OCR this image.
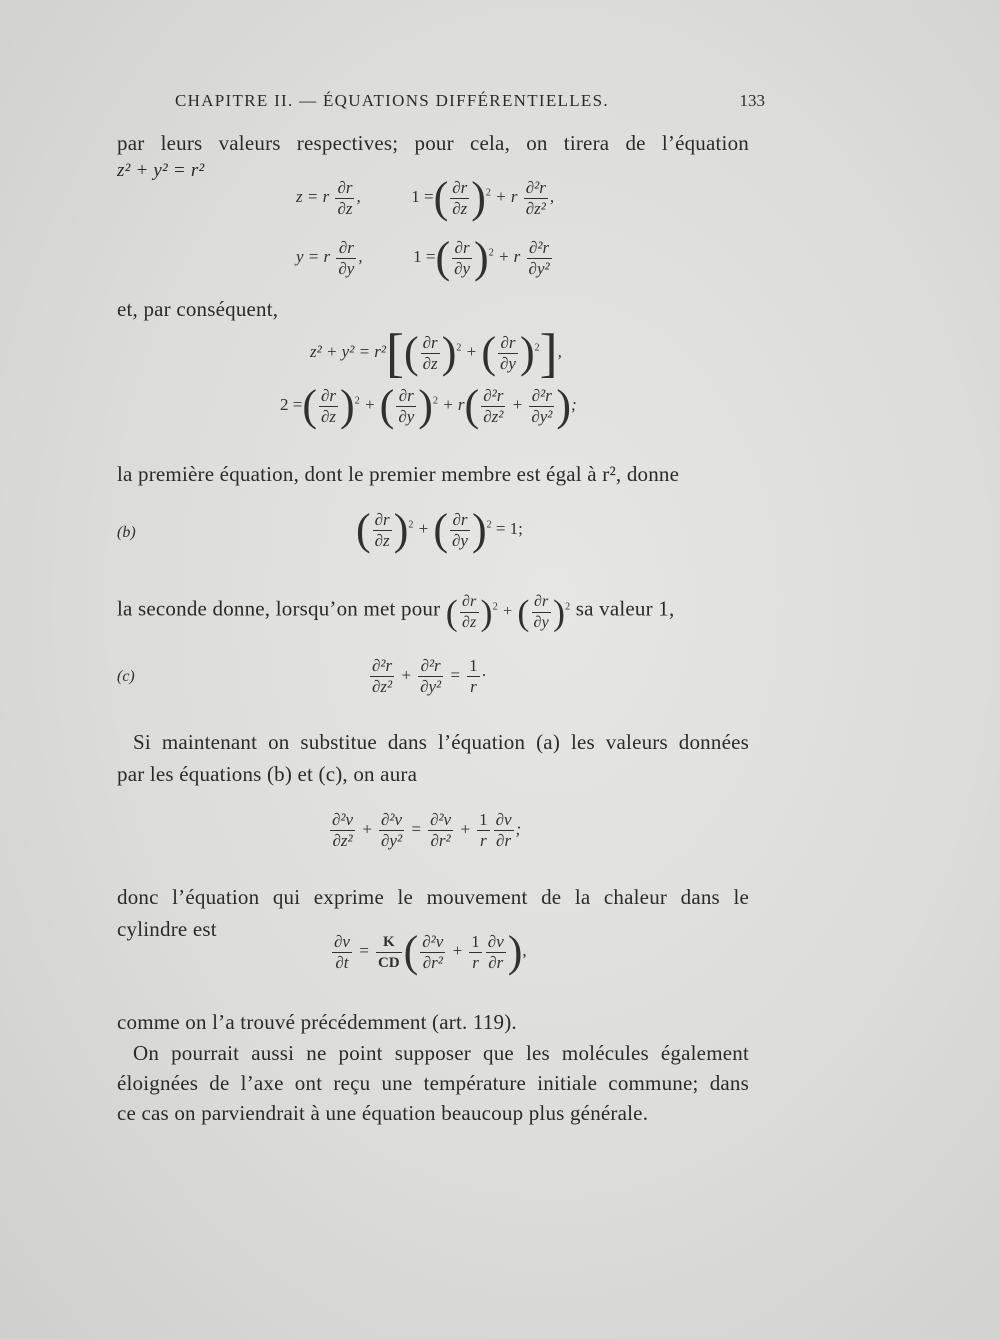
CHAPITRE II. — ÉQUATIONS DIFFÉRENTIELLES.	133
par leurs valeurs respectives; pour cela, on tirera de l’équation
z² + y² = r²
z = r $\frac{\partial r}{\partial z}$ ,	1 =( $\frac{\partial r}{\partial z} )^2 + r \frac{\text{∂²r}}{\text{∂z²}}$ ,
y = r $\frac{\partial r}{\partial y}$ ,	1 =( $\frac{\partial r}{\partial y} )^2 + r \frac{\text{∂²r}}{\text{∂y²}}$
et, par conséquent,
$z^2 + y^2 = r^2[( \frac{\partial r}{\partial z} )^2$ + ( $\frac{\partial r}{\partial y} )^2$],
2 =( $\frac{\partial r}{\partial z} )^2$ + ( $\frac{\partial r}{\partial y} )^2 + r( \frac{\text{∂²r}}{\text{∂z²}} + \frac{\text{∂²r}}{\text{∂y²}}$ );
la première équation, dont le premier membre est égal à r², donne
(b)	( $\frac{\partial r}{\partial z} )^2$ + ( $\frac{\partial r}{\partial y} )^2 = 1$;
la seconde donne, lorsqu’on met pour ( $\frac{\partial r}{\partial z} )^2$ + ( $\frac{\partial r}{\partial y} )^2$ sa valeur 1,
(c)	$\frac{\text{∂²r}}{\text{∂z²}} + \frac{\text{∂²r}}{\text{∂y²}} = \frac{1}{r}$ ·
Si maintenant on substitue dans l’équation (a) les valeurs données
par les équations (b) et (c), on aura
$\frac{\text{∂²v}}{\text{∂z²}} + \frac{\text{∂²v}}{\text{∂y²}} = \frac{\text{∂²v}}{\text{∂r²}} + \frac{1}{r} \frac{\partial v}{\partial r}$ ;
donc l’équation qui exprime le mouvement de la chaleur dans le
cylindre est
$\frac{\partial v}{\partial t} = \frac{K}{CD}$ ( $\frac{\text{∂²v}}{\text{∂r²}} + \frac{1}{r} \frac{\partial v}{\partial r}$ ),
comme on l’a trouvé précédemment (art. 119).
On pourrait aussi ne point supposer que les molécules également
éloignées de l’axe ont reçu une température initiale commune; dans
ce cas on parviendrait à une équation beaucoup plus générale.
